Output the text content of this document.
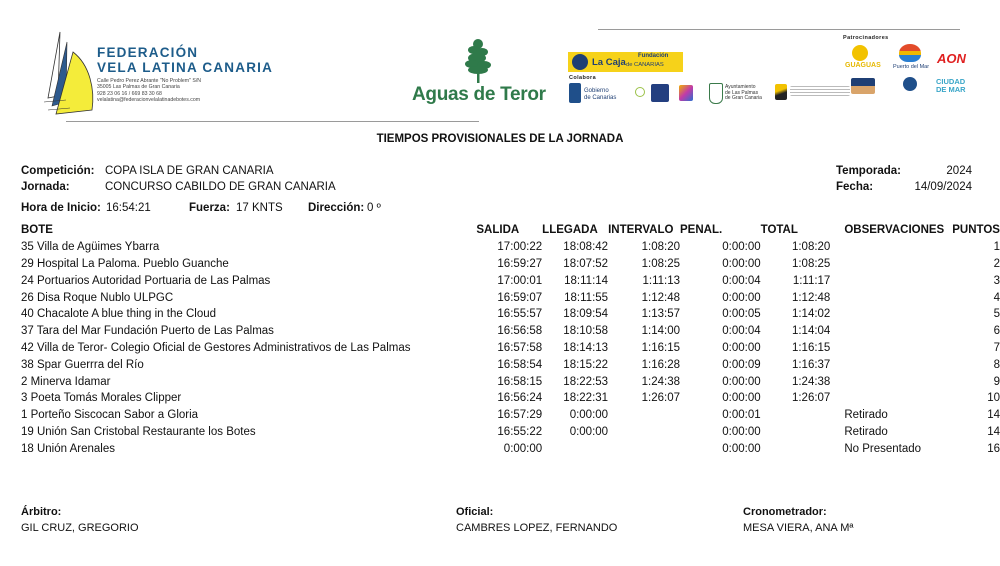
FEDERACIÓN
VELA LATINA CANARIA
Calle Pedro Perez Abrante "No Problem" S/N
35005 Las Palmas de Gran Canaria
928 23 06 16 / 669 83 30 68
velalatina@federacionvelalatinadebotes.com	Aguas de Teror
Patrocinadores
La Caja
Fundación
de CANARIAS
Colabora
Gobierno
de Canarias
Ayuntamiento
de Las Palmas
de Gran Canaria
GUAGUAS Puerto del Mar
AON
CIUDAD
DE MAR
TIEMPOS PROVISIONALES DE LA JORNADA
Competición: COPA ISLA DE GRAN CANARIA
Jornada:	CONCURSO CABILDO DE GRAN CANARIA
Temporada:	2024
Fecha:	14/09/2024
Hora de Inicio: 16:54:21	Fuerza: 17 KNTS Dirección: 0 º
BOTE	SALIDA	LLEGADA	INTERVALO	PENAL.	TOTAL	OBSERVACIONES	PUNTOS
35 Villa de Agüimes Ybarra	17:00:22	18:08:42	1:08:20	0:00:00	1:08:20		1
29 Hospital La Paloma. Pueblo Guanche	16:59:27	18:07:52	1:08:25	0:00:00	1:08:25		2
24 Portuarios Autoridad Portuaria de Las Palmas	17:00:01	18:11:14	1:11:13	0:00:04	1:11:17		3
26 Disa Roque Nublo ULPGC	16:59:07	18:11:55	1:12:48	0:00:00	1:12:48		4
40 Chacalote A blue thing in the Cloud	16:55:57	18:09:54	1:13:57	0:00:05	1:14:02		5
37 Tara del Mar Fundación Puerto de Las Palmas	16:56:58	18:10:58	1:14:00	0:00:04	1:14:04		6
42 Villa de Teror- Colegio Oficial de Gestores Administrativos de Las Palmas	16:57:58	18:14:13	1:16:15	0:00:00	1:16:15		7
38 Spar Guerrra del Río	16:58:54	18:15:22	1:16:28	0:00:09	1:16:37		8
2 Minerva Idamar	16:58:15	18:22:53	1:24:38	0:00:00	1:24:38		9
3 Poeta Tomás Morales Clipper	16:56:24	18:22:31	1:26:07	0:00:00	1:26:07		10
1 Porteño Siscocan Sabor a Gloria	16:57:29	0:00:00		0:00:01		Retirado	14
19 Unión San Cristobal Restaurante los Botes	16:55:22	0:00:00		0:00:00		Retirado	14
18 Unión Arenales	0:00:00			0:00:00		No Presentado	16
Árbitro:
GIL CRUZ, GREGORIO
Oficial:
CAMBRES LOPEZ, FERNANDO
Cronometrador:
MESA VIERA, ANA Mª
